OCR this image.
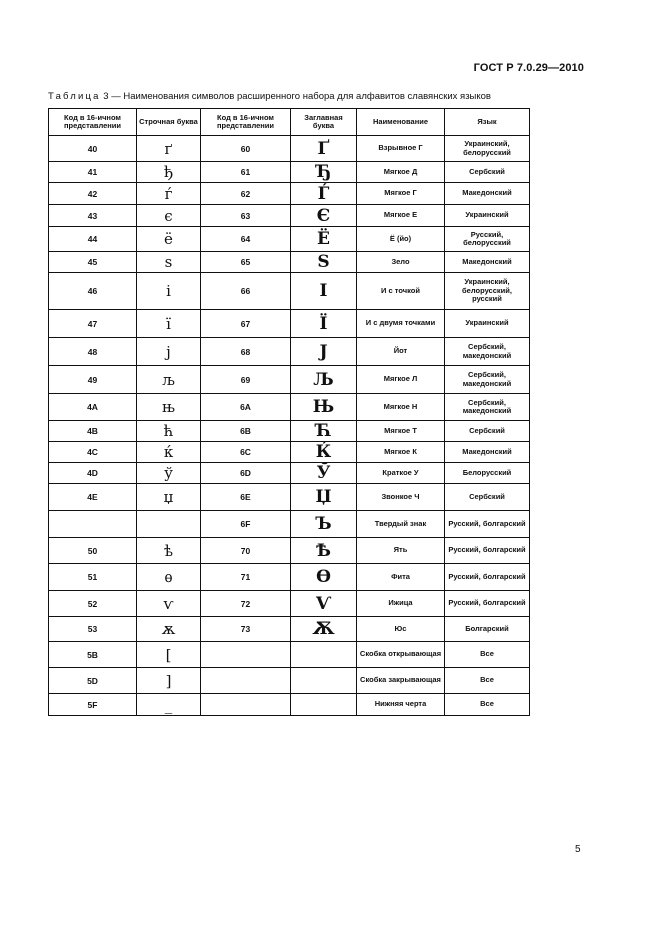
ГОСТ Р 7.0.29—2010
Таблица 3 — Наименования символов расширенного набора для алфавитов славянских языков
Код в 16-ичном представлении	Строчная буква	Код в 16-ичном представлении	Заглавная буква	Наименование	Язык
40	ґ	60	Ґ	Взрывное Г	Украинский, белорусский
41	ђ	61	Ђ	Мягкое Д	Сербский
42	ѓ	62	Ѓ	Мягкое Г	Македонский
43	є	63	Є	Мягкое Е	Украинский
44	ё	64	Ё	Ё (йо)	Русский, белорусский
45	ѕ	65	Ѕ	Зело	Македонский
46	і	66	І	И с точкой	Украинский, белорусский, русский
47	ї	67	Ї	И с двумя точками	Украинский
48	ј	68	Ј	Йот	Сербский, македонский
49	љ	69	Љ	Мягкое Л	Сербский, македонский
4A	њ	6A	Њ	Мягкое Н	Сербский, македонский
4B	ћ	6B	Ћ	Мягкое Т	Сербский
4C	ќ	6C	Ќ	Мягкое К	Македонский
4D	ў	6D	Ў	Краткое У	Белорусский
4E	џ	6E	Џ	Звонкое Ч	Сербский
		6F	Ъ	Твердый знак	Русский, болгарский
50	ѣ	70	Ѣ	Ять	Русский, болгарский
51	ѳ	71	Ѳ	Фита	Русский, болгарский
52	ѵ	72	Ѵ	Ижица	Русский, болгарский
53	ѫ	73	Ѫ	Юс	Болгарский
5B	[			Скобка открывающая	Все
5D	]			Скобка закрывающая	Все
5F	_			Нижняя черта	Все
5
